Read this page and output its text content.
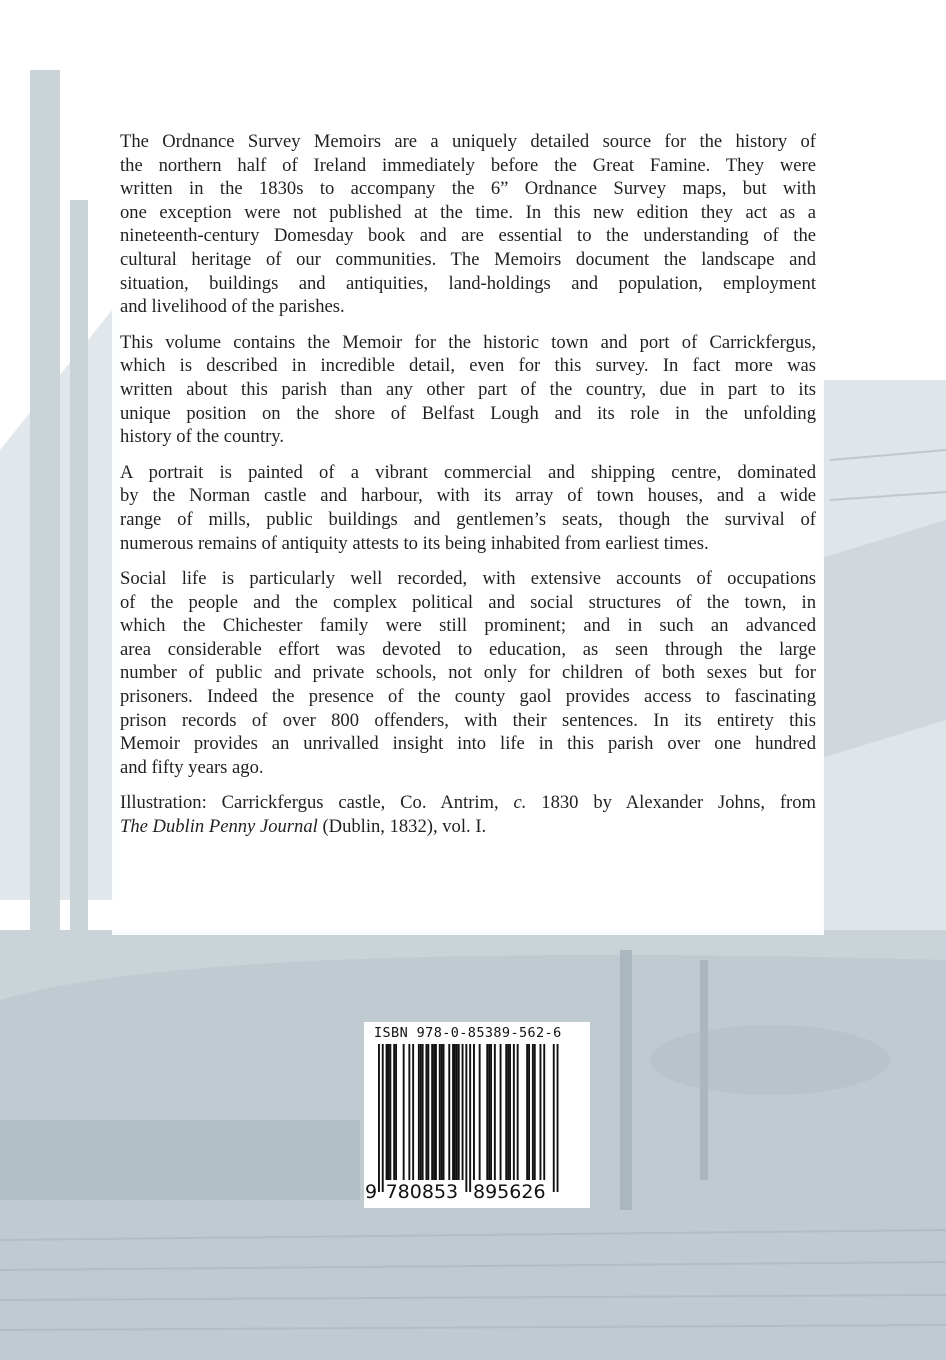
The Ordnance Survey Memoirs are a uniquely detailed source for the history of
the northern half of Ireland immediately before the Great Famine. They were
written in the 1830s to accompany the 6” Ordnance Survey maps, but with
one exception were not published at the time. In this new edition they act as a
nineteenth-century Domesday book and are essential to the understanding of the
cultural heritage of our communities. The Memoirs document the landscape and
situation, buildings and antiquities, land-holdings and population, employment
and livelihood of the parishes.
This volume contains the Memoir for the historic town and port of Carrickfergus,
which is described in incredible detail, even for this survey. In fact more was
written about this parish than any other part of the country, due in part to its
unique position on the shore of Belfast Lough and its role in the unfolding
history of the country.
A portrait is painted of a vibrant commercial and shipping centre, dominated
by the Norman castle and harbour, with its array of town houses, and a wide
range of mills, public buildings and gentlemen’s seats, though the survival of
numerous remains of antiquity attests to its being inhabited from earliest times.
Social life is particularly well recorded, with extensive accounts of occupations
of the people and the complex political and social structures of the town, in
which the Chichester family were still prominent; and in such an advanced
area considerable effort was devoted to education, as seen through the large
number of public and private schools, not only for children of both sexes but for
prisoners. Indeed the presence of the county gaol provides access to fascinating
prison records of over 800 offenders, with their sentences. In its entirety this
Memoir provides an unrivalled insight into life in this parish over one hundred
and fifty years ago.
Illustration: Carrickfergus castle, Co. Antrim, c. 1830 by Alexander Johns, from
The Dublin Penny Journal (Dublin, 1832), vol. I.
ISBN 978-0-85389-562-6
9 780853 895626
